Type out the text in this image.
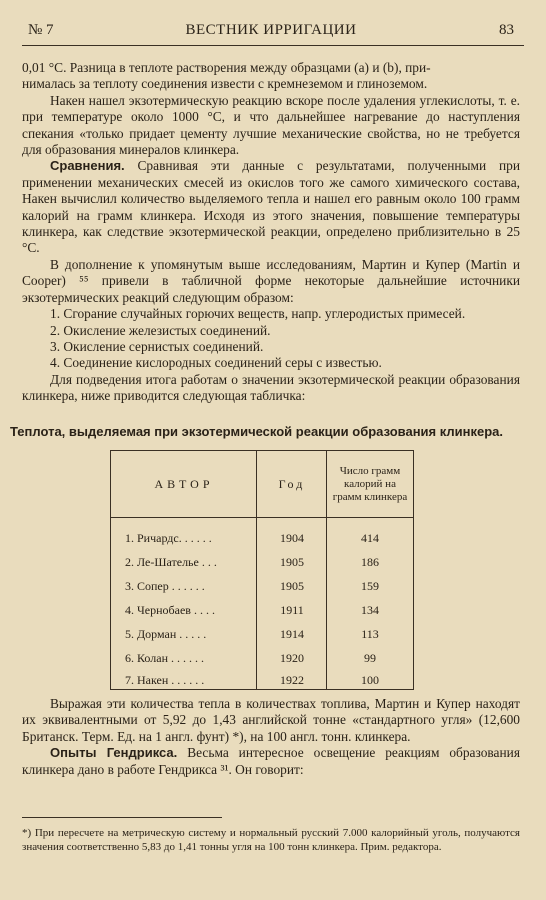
№ 7	ВЕСТНИК ИРРИГАЦИИ	83

0,01 °C. Разница в теплоте растворения между образцами (a) и (b), при-

нималась за теплоту соединения извести с кремнеземом и глиноземом.

Накен нашел экзотермическую реакцию вскоре после удаления углекислоты, т. е. при температуре около 1000 °C, и что дальнейшее нагревание до наступления спекания «только придает цементу лучшие механические свойства, но не требуется для образования минералов клинкера.

Сравнения. Сравнивая эти данные с результатами, полученными при применении механических смесей из окислов того же самого химического состава, Накен вычислил количество выделяемого тепла и нашел его равным около 100 грамм калорий на грамм клинкера. Исходя из этого значения, повышение температуры клинкера, как следствие экзотермической реакции, определено приблизительно в 25 °C.

В дополнение к упомянутым выше исследованиям, Мартин и Купер (Martin и Cooper) ⁵⁵ привели в табличной форме некоторые дальнейшие источники экзотермических реакций следующим образом:

1. Сгорание случайных горючих веществ, напр. углеродистых примесей.

2. Окисление железистых соединений.

3. Окисление сернистых соединений.

4. Соединение кислородных соединений серы с известью.

Для подведения итога работам о значении экзотермической реакции образования клинкера, ниже приводится следующая табличка:

Теплота, выделяемая при экзотермической реакции образования клинкера.
АВТОР	Год
Число грамм калорий на грамм клинкера
1. Ричардс. . . . . .	1904	414
2. Ле-Шателье . . .	1905	186
3. Сопер . . . . . .	1905	159
4. Чернобаев . . . .	1911	134
5. Дорман . . . . .	1914	113
6. Колан . . . . . .	1920	99
7. Накен . . . . . .	1922	100

Выражая эти количества тепла в количествах топлива, Мартин и Купер находят их эквивалентными от 5,92 до 1,43 английской тонне «стандартного угля» (12,600 Британск. Терм. Ед. на 1 англ. фунт) *), на 100 англ. тонн. клинкера.

Опыты Гендрикса. Весьма интересное освещение реакциям образования клинкера дано в работе Гендрикса ³¹. Он говорит:

*) При пересчете на метрическую систему и нормальный русский 7.000 калорийный уголь, получаются значения соответственно 5,83 до 1,41 тонны угля на 100 тонн клинкера. Прим. редактора.
